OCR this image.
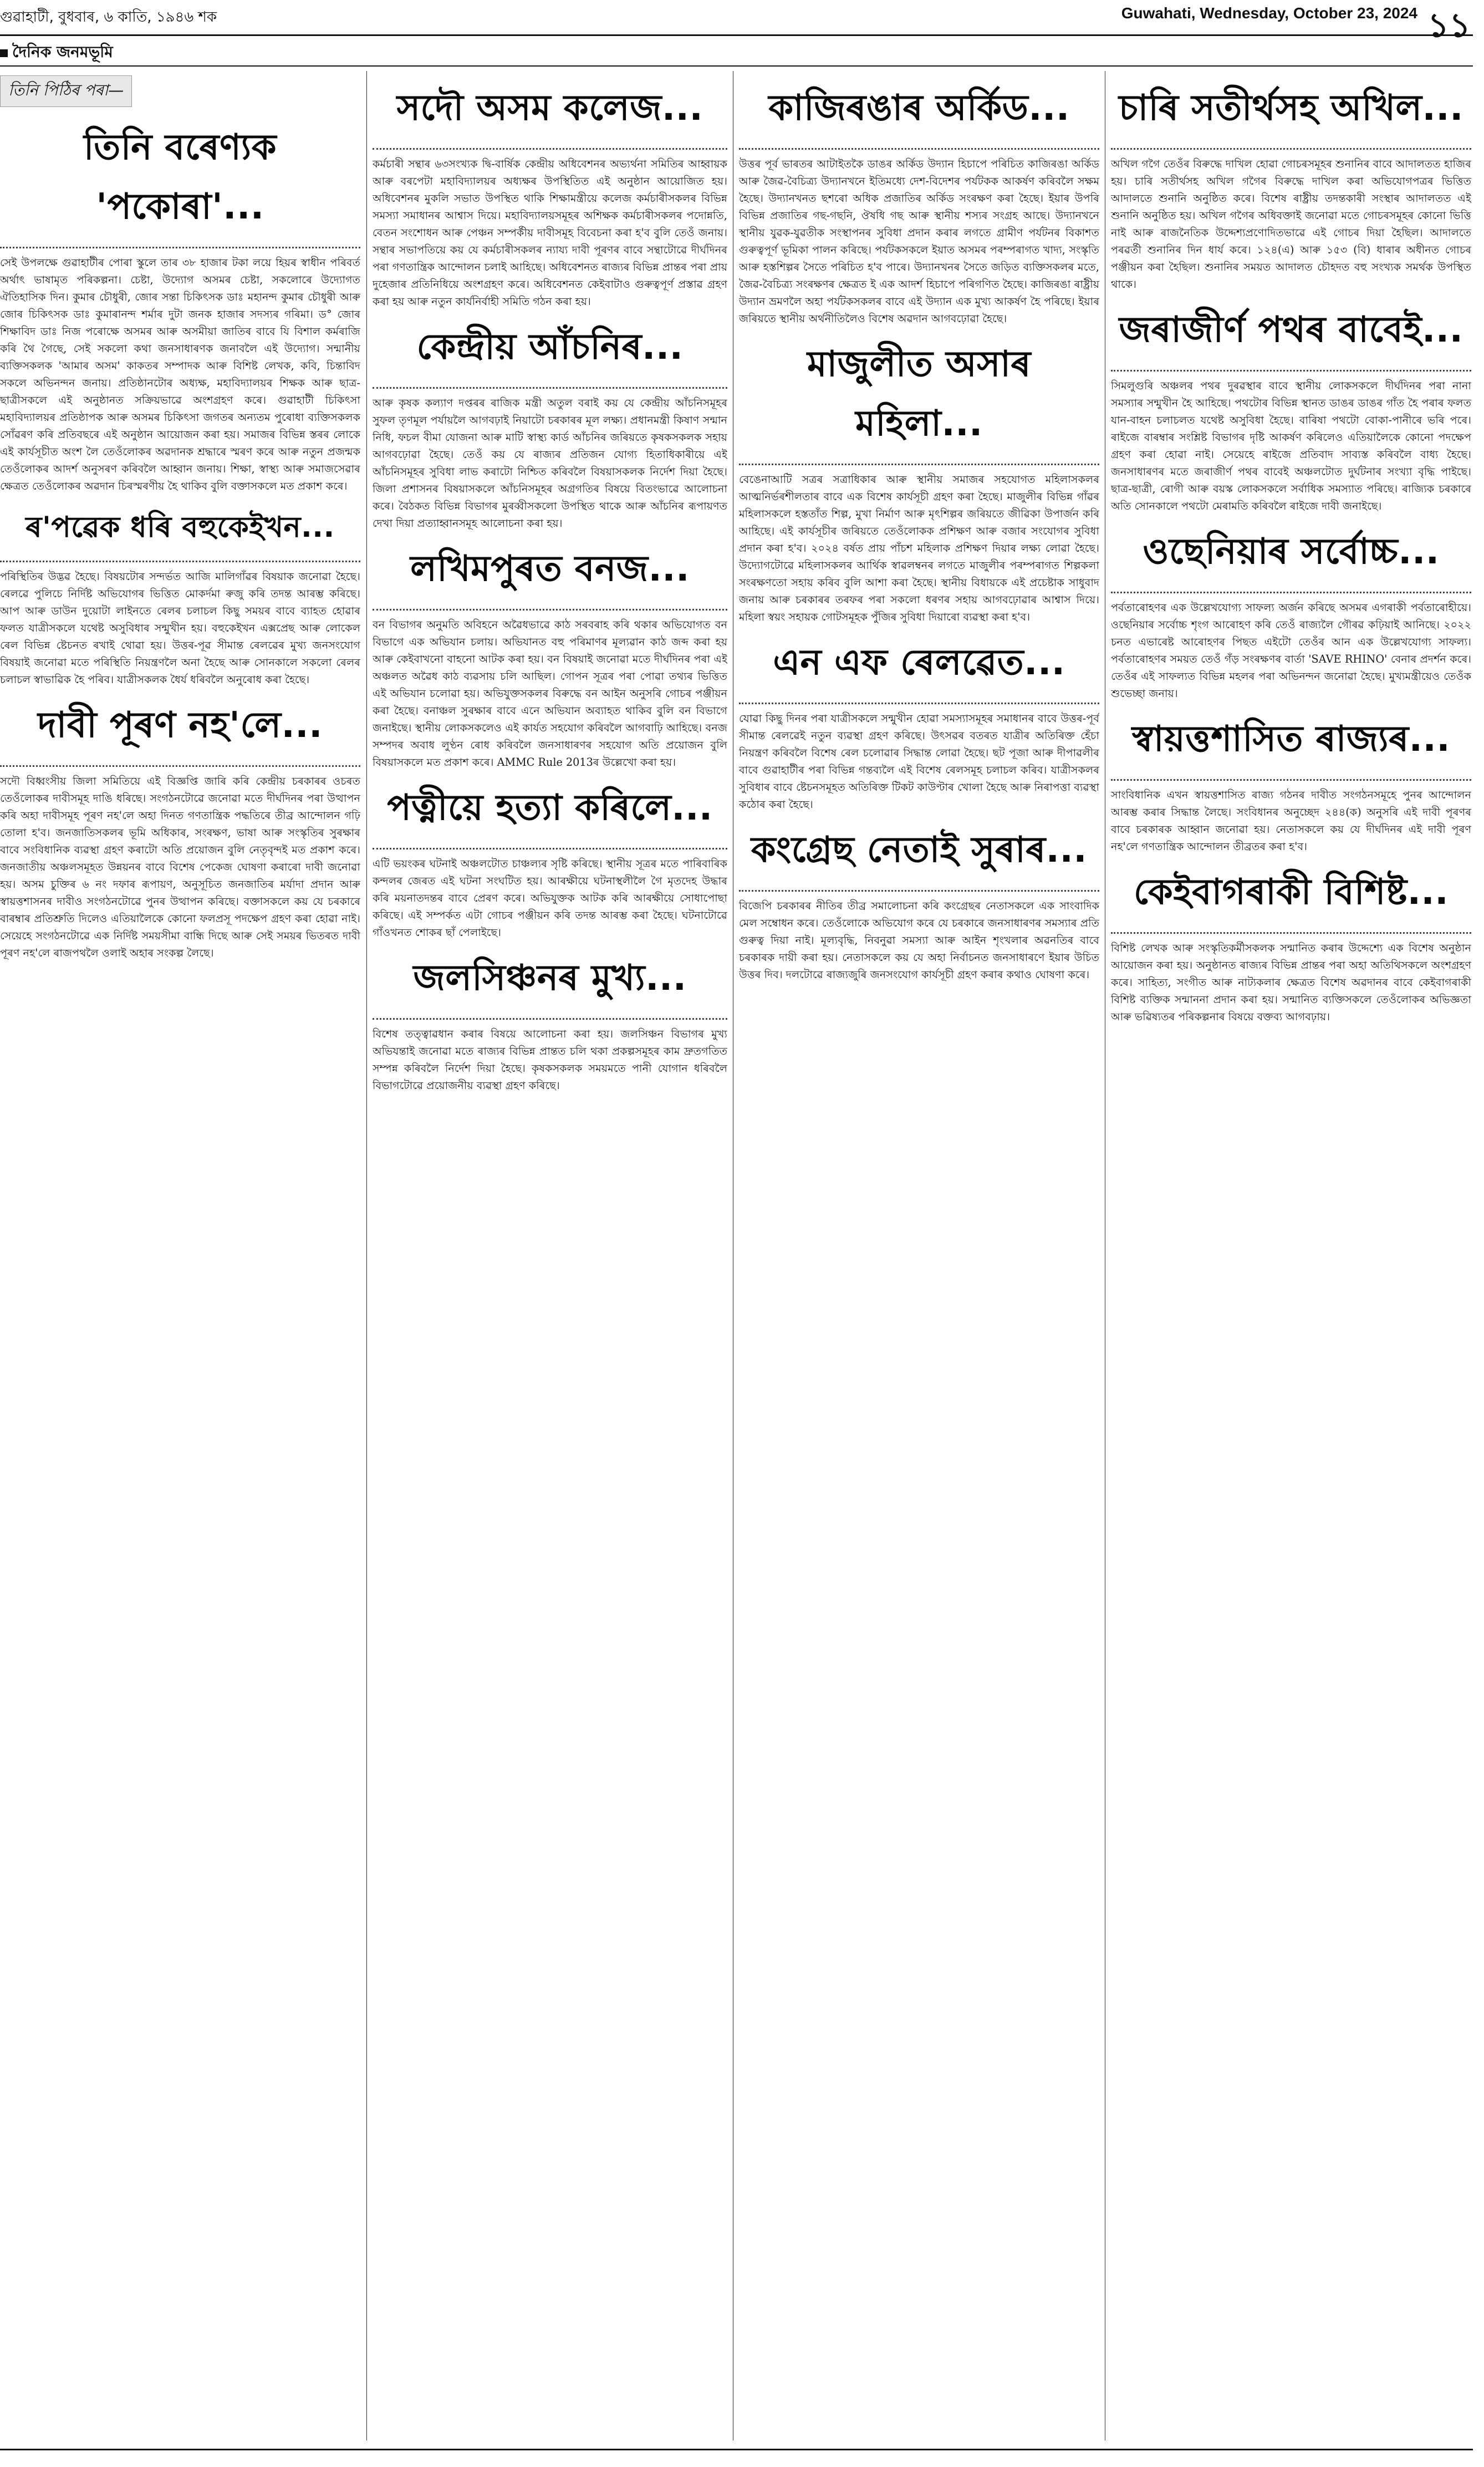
গুৱাহাটী, বুধবাৰ, ৬ কাতি, ১৯৪৬ শক	Guwahati, Wednesday, October 23, 2024 ১১
দৈনিক জনমভূমি
তিনি পিঠিৰ পৰা—
তিনি বৰেণ্যক 'পকোৰা'...
সেই উপলক্ষে গুৱাহাটীৰ পোৰা স্কুলে তাৰ ৩৮ হাজাৰ টকা লয়ে হিয়ৰ স্বাধীন পৰিবৰ্ত অৰ্থাৎ ভাষামৃত পৰিকল্পনা। চেষ্টা, উদ্যোগ অসমৰ চেষ্টা, সকলোৰে উদ্যোগত ঐতিহাসিক দিন। কুমাৰ চৌধুৰী, জোৰ সন্তা চিকিৎসক ডাঃ মহানন্দ কুমাৰ চৌধুৰী আৰু জোৰ চিকিৎসক ডাঃ কুমাৰানন্দ শৰ্মাৰ দুটা জনক হাজাৰ সদস্যৰ গৰিমা। ড° জোৰ শিক্ষাবিদ ডাঃ নিজ পৰোক্ষে অসমৰ আৰু অসমীয়া জাতিৰ বাবে যি বিশাল কৰ্মৰাজি কৰি থৈ গৈছে, সেই সকলো কথা জনসাধাৰণক জনাবলৈ এই উদ্যোগ। সন্মানীয় ব্যক্তিসকলক 'আমাৰ অসম' কাকতৰ সম্পাদক আৰু বিশিষ্ট লেখক, কবি, চিন্তাবিদ সকলে অভিনন্দন জনায়। প্ৰতিষ্ঠানটোৰ অধ্যক্ষ, মহাবিদ্যালয়ৰ শিক্ষক আৰু ছাত্ৰ-ছাত্ৰীসকলে এই অনুষ্ঠানত সক্ৰিয়ভাৱে অংশগ্ৰহণ কৰে। গুৱাহাটী চিকিৎসা মহাবিদ্যালয়ৰ প্ৰতিষ্ঠাপক আৰু অসমৰ চিকিৎসা জগতৰ অন্যতম পুৰোধা ব্যক্তিসকলক সোঁৱৰণ কৰি প্ৰতিবছৰে এই অনুষ্ঠান আয়োজন কৰা হয়। সমাজৰ বিভিন্ন স্তৰৰ লোকে এই কাৰ্যসূচীত অংশ লৈ তেওঁলোকৰ অৱদানক শ্ৰদ্ধাৰে স্মৰণ কৰে আৰু নতুন প্ৰজন্মক তেওঁলোকৰ আদৰ্শ অনুসৰণ কৰিবলৈ আহ্বান জনায়। শিক্ষা, স্বাস্থ্য আৰু সমাজসেৱাৰ ক্ষেত্ৰত তেওঁলোকৰ অৱদান চিৰস্মৰণীয় হৈ থাকিব বুলি বক্তাসকলে মত প্ৰকাশ কৰে।
ৰ'পৱেক ধৰি বহুকেইখন...
পৰিস্থিতিৰ উদ্ভৱ হৈছে। বিষয়টোৰ সন্দৰ্ভত আজি মালিগাঁৱৰ বিষয়াক জনোৱা হৈছে। ৰেলৱে পুলিচে নিৰ্দিষ্ট অভিযোগৰ ভিত্তিত মোকৰ্দমা ৰুজু কৰি তদন্ত আৰম্ভ কৰিছে। আপ আৰু ডাউন দুয়োটা লাইনতে ৰেলৰ চলাচল কিছু সময়ৰ বাবে ব্যাহত হোৱাৰ ফলত যাত্ৰীসকলে যথেষ্ট অসুবিধাৰ সন্মুখীন হয়। বহুকেইখন এক্সপ্ৰেছ আৰু লোকেল ৰেল বিভিন্ন ষ্টেচনত ৰখাই থোৱা হয়। উত্তৰ-পূৱ সীমান্ত ৰেলৱেৰ মুখ্য জনসংযোগ বিষয়াই জনোৱা মতে পৰিস্থিতি নিয়ন্ত্ৰণলৈ অনা হৈছে আৰু সোনকালে সকলো ৰেলৰ চলাচল স্বাভাৱিক হৈ পৰিব। যাত্ৰীসকলক ধৈৰ্য ধৰিবলৈ অনুৰোধ কৰা হৈছে।
দাবী পূৰণ নহ'লে...
সদৌ বিধ্বংসীয় জিলা সমিতিয়ে এই বিজ্ঞপ্তি জাৰি কৰি কেন্দ্ৰীয় চৰকাৰৰ ওচৰত তেওঁলোকৰ দাবীসমূহ দাঙি ধৰিছে। সংগঠনটোৱে জনোৱা মতে দীৰ্ঘদিনৰ পৰা উত্থাপন কৰি অহা দাবীসমূহ পূৰণ নহ'লে অহা দিনত গণতান্ত্ৰিক পদ্ধতিৰে তীব্ৰ আন্দোলন গঢ়ি তোলা হ'ব। জনজাতিসকলৰ ভূমি অধিকাৰ, সংৰক্ষণ, ভাষা আৰু সংস্কৃতিৰ সুৰক্ষাৰ বাবে সংবিধানিক ব্যৱস্থা গ্ৰহণ কৰাটো অতি প্ৰয়োজন বুলি নেতৃবৃন্দই মত প্ৰকাশ কৰে। জনজাতীয় অঞ্চলসমূহত উন্নয়নৰ বাবে বিশেষ পেকেজ ঘোষণা কৰাৰো দাবী জনোৱা হয়। অসম চুক্তিৰ ৬ নং দফাৰ ৰূপায়ণ, অনুসূচিত জনজাতিৰ মৰ্যাদা প্ৰদান আৰু স্বায়ত্তশাসনৰ দাবীও সংগঠনটোৱে পুনৰ উত্থাপন কৰিছে। বক্তাসকলে কয় যে চৰকাৰে বাৰম্বাৰ প্ৰতিশ্ৰুতি দিলেও এতিয়ালৈকে কোনো ফলপ্ৰসূ পদক্ষেপ গ্ৰহণ কৰা হোৱা নাই। সেয়েহে সংগঠনটোৱে এক নিৰ্দিষ্ট সময়সীমা বান্ধি দিছে আৰু সেই সময়ৰ ভিতৰত দাবী পূৰণ নহ'লে ৰাজপথলৈ ওলাই অহাৰ সংকল্প লৈছে।
সদৌ অসম কলেজ...
কৰ্মচাৰী সন্থাৰ ৬৩সংখ্যক দ্বি-বাৰ্ষিক কেন্দ্ৰীয় অধিবেশনৰ অভ্যৰ্থনা সমিতিৰ আহ্বায়ক আৰু বৰপেটা মহাবিদ্যালয়ৰ অধ্যক্ষৰ উপস্থিতিত এই অনুষ্ঠান আয়োজিত হয়। অধিবেশনৰ মুকলি সভাত উপস্থিত থাকি শিক্ষামন্ত্ৰীয়ে কলেজ কৰ্মচাৰীসকলৰ বিভিন্ন সমস্যা সমাধানৰ আশ্বাস দিয়ে। মহাবিদ্যালয়সমূহৰ অশিক্ষক কৰ্মচাৰীসকলৰ পদোন্নতি, বেতন সংশোধন আৰু পেঞ্চন সম্পৰ্কীয় দাবীসমূহ বিবেচনা কৰা হ'ব বুলি তেওঁ জনায়। সন্থাৰ সভাপতিয়ে কয় যে কৰ্মচাৰীসকলৰ ন্যায্য দাবী পূৰণৰ বাবে সন্থাটোৱে দীৰ্ঘদিনৰ পৰা গণতান্ত্ৰিক আন্দোলন চলাই আহিছে। অধিবেশনত ৰাজ্যৰ বিভিন্ন প্ৰান্তৰ পৰা প্ৰায় দুহেজাৰ প্ৰতিনিধিয়ে অংশগ্ৰহণ কৰে। অধিবেশনত কেইবাটাও গুৰুত্বপূৰ্ণ প্ৰস্তাৱ গ্ৰহণ কৰা হয় আৰু নতুন কাৰ্যনিৰ্বাহী সমিতি গঠন কৰা হয়।
কেন্দ্ৰীয় আঁচনিৰ...
আৰু কৃষক কল্যাণ দপ্তৰৰ ৰাজিক মন্ত্ৰী অতুল বৰাই কয় যে কেন্দ্ৰীয় আঁচনিসমূহৰ সুফল তৃণমূল পৰ্যায়লৈ আগবঢ়াই নিয়াটো চৰকাৰৰ মূল লক্ষ্য। প্ৰধানমন্ত্ৰী কিষাণ সন্মান নিধি, ফচল বীমা যোজনা আৰু মাটি স্বাস্থ্য কাৰ্ড আঁচনিৰ জৰিয়তে কৃষকসকলক সহায় আগবঢ়োৱা হৈছে। তেওঁ কয় যে ৰাজ্যৰ প্ৰতিজন যোগ্য হিতাধিকাৰীয়ে এই আঁচনিসমূহৰ সুবিধা লাভ কৰাটো নিশ্চিত কৰিবলৈ বিষয়াসকলক নিৰ্দেশ দিয়া হৈছে। জিলা প্ৰশাসনৰ বিষয়াসকলে আঁচনিসমূহৰ অগ্ৰগতিৰ বিষয়ে বিতংভাৱে আলোচনা কৰে। বৈঠকত বিভিন্ন বিভাগৰ মুৰব্বীসকলো উপস্থিত থাকে আৰু আঁচনিৰ ৰূপায়ণত দেখা দিয়া প্ৰত্যাহ্বানসমূহ আলোচনা কৰা হয়।
লখিমপুৰত বনজ...
বন বিভাগৰ অনুমতি অবিহনে অৱৈধভাৱে কাঠ সৰবৰাহ কৰি থকাৰ অভিযোগত বন বিভাগে এক অভিযান চলায়। অভিযানত বহু পৰিমাণৰ মূল্যৱান কাঠ জব্দ কৰা হয় আৰু কেইবাখনো বাহনো আটক কৰা হয়। বন বিষয়াই জনোৱা মতে দীৰ্ঘদিনৰ পৰা এই অঞ্চলত অৱৈধ কাঠ ব্যৱসায় চলি আছিল। গোপন সূত্ৰৰ পৰা পোৱা তথ্যৰ ভিত্তিত এই অভিযান চলোৱা হয়। অভিযুক্তসকলৰ বিৰুদ্ধে বন আইন অনুসৰি গোচৰ পঞ্জীয়ন কৰা হৈছে। বনাঞ্চল সুৰক্ষাৰ বাবে এনে অভিযান অব্যাহত থাকিব বুলি বন বিভাগে জনাইছে। স্থানীয় লোকসকলেও এই কাৰ্যত সহযোগ কৰিবলৈ আগবাঢ়ি আহিছে। বনজ সম্পদৰ অবাধ লুণ্ঠন ৰোধ কৰিবলৈ জনসাধাৰণৰ সহযোগ অতি প্ৰয়োজন বুলি বিষয়াসকলে মত প্ৰকাশ কৰে। AMMC Rule 2013ৰ উল্লেখো কৰা হয়।
পত্নীয়ে হত্যা কৰিলে...
এটি ভয়ংকৰ ঘটনাই অঞ্চলটোত চাঞ্চল্যৰ সৃষ্টি কৰিছে। স্থানীয় সূত্ৰৰ মতে পাৰিবাৰিক কন্দলৰ জেৰত এই ঘটনা সংঘটিত হয়। আৰক্ষীয়ে ঘটনাস্থলীলৈ গৈ মৃতদেহ উদ্ধাৰ কৰি ময়নাতদন্তৰ বাবে প্ৰেৰণ কৰে। অভিযুক্তক আটক কৰি আৰক্ষীয়ে সোধাপোছা কৰিছে। এই সম্পৰ্কত এটা গোচৰ পঞ্জীয়ন কৰি তদন্ত আৰম্ভ কৰা হৈছে। ঘটনাটোৱে গাঁওখনত শোকৰ ছাঁ পেলাইছে।
জলসিঞ্চনৰ মুখ্য...
বিশেষ তত্ত্বাৱধান কৰাৰ বিষয়ে আলোচনা কৰা হয়। জলসিঞ্চন বিভাগৰ মুখ্য অভিযন্তাই জনোৱা মতে ৰাজ্যৰ বিভিন্ন প্ৰান্তত চলি থকা প্ৰকল্পসমূহৰ কাম দ্ৰুতগতিত সম্পন্ন কৰিবলৈ নিৰ্দেশ দিয়া হৈছে। কৃষকসকলক সময়মতে পানী যোগান ধৰিবলৈ বিভাগটোৱে প্ৰয়োজনীয় ব্যৱস্থা গ্ৰহণ কৰিছে।
কাজিৰঙাৰ অৰ্কিড...
উত্তৰ পূৰ্ব ভাৰতৰ আটাইতকৈ ডাঙৰ অৰ্কিড উদ্যান হিচাপে পৰিচিত কাজিৰঙা অৰ্কিড আৰু জৈৱ-বৈচিত্ৰ্য উদ্যানখনে ইতিমধ্যে দেশ-বিদেশৰ পৰ্যটকক আকৰ্ষণ কৰিবলৈ সক্ষম হৈছে। উদ্যানখনত ছশৰো অধিক প্ৰজাতিৰ অৰ্কিড সংৰক্ষণ কৰা হৈছে। ইয়াৰ উপৰি বিভিন্ন প্ৰজাতিৰ গছ-গছনি, ঔষধি গছ আৰু স্থানীয় শস্যৰ সংগ্ৰহ আছে। উদ্যানখনে স্থানীয় যুৱক-যুৱতীক সংস্থাপনৰ সুবিধা প্ৰদান কৰাৰ লগতে গ্ৰামীণ পৰ্যটনৰ বিকাশত গুৰুত্বপূৰ্ণ ভূমিকা পালন কৰিছে। পৰ্যটকসকলে ইয়াত অসমৰ পৰম্পৰাগত খাদ্য, সংস্কৃতি আৰু হস্তশিল্পৰ সৈতে পৰিচিত হ'ব পাৰে। উদ্যানখনৰ সৈতে জড়িত ব্যক্তিসকলৰ মতে, জৈৱ-বৈচিত্ৰ্য সংৰক্ষণৰ ক্ষেত্ৰত ই এক আদৰ্শ হিচাপে পৰিগণিত হৈছে। কাজিৰঙা ৰাষ্ট্ৰীয় উদ্যান ভ্ৰমণলৈ অহা পৰ্যটকসকলৰ বাবে এই উদ্যান এক মুখ্য আকৰ্ষণ হৈ পৰিছে। ইয়াৰ জৰিয়তে স্থানীয় অৰ্থনীতিলৈও বিশেষ অৱদান আগবঢ়োৱা হৈছে।
মাজুলীত অসাৰ মহিলা...
বেঙেনাআটি সত্ৰৰ সত্ৰাধিকাৰ আৰু স্থানীয় সমাজৰ সহযোগত মহিলাসকলৰ আত্মনিৰ্ভৰশীলতাৰ বাবে এক বিশেষ কাৰ্যসূচী গ্ৰহণ কৰা হৈছে। মাজুলীৰ বিভিন্ন গাঁৱৰ মহিলাসকলে হস্ততাঁত শিল্প, মুখা নিৰ্মাণ আৰু মৃৎশিল্পৰ জৰিয়তে জীৱিকা উপাৰ্জন কৰি আহিছে। এই কাৰ্যসূচীৰ জৰিয়তে তেওঁলোকক প্ৰশিক্ষণ আৰু বজাৰ সংযোগৰ সুবিধা প্ৰদান কৰা হ'ব। ২০২৪ বৰ্ষত প্ৰায় পাঁচশ মহিলাক প্ৰশিক্ষণ দিয়াৰ লক্ষ্য লোৱা হৈছে। উদ্যোগটোৱে মহিলাসকলৰ আৰ্থিক স্বাৱলম্বনৰ লগতে মাজুলীৰ পৰম্পৰাগত শিল্পকলা সংৰক্ষণতো সহায় কৰিব বুলি আশা কৰা হৈছে। স্থানীয় বিধায়কে এই প্ৰচেষ্টাক সাধুবাদ জনায় আৰু চৰকাৰৰ তৰফৰ পৰা সকলো ধৰণৰ সহায় আগবঢ়োৱাৰ আশ্বাস দিয়ে। মহিলা স্বয়ং সহায়ক গোটসমূহক পুঁজিৰ সুবিধা দিয়াৰো ব্যৱস্থা কৰা হ'ব।
এন এফ ৰেলৱেত...
যোৱা কিছু দিনৰ পৰা যাত্ৰীসকলে সন্মুখীন হোৱা সমস্যাসমূহৰ সমাধানৰ বাবে উত্তৰ-পূৰ্ব সীমান্ত ৰেলৱেই নতুন ব্যৱস্থা গ্ৰহণ কৰিছে। উৎসৱৰ বতৰত যাত্ৰীৰ অতিৰিক্ত হেঁচা নিয়ন্ত্ৰণ কৰিবলৈ বিশেষ ৰেল চলোৱাৰ সিদ্ধান্ত লোৱা হৈছে। ছট পূজা আৰু দীপাৱলীৰ বাবে গুৱাহাটীৰ পৰা বিভিন্ন গন্তব্যলৈ এই বিশেষ ৰেলসমূহ চলাচল কৰিব। যাত্ৰীসকলৰ সুবিধাৰ বাবে ষ্টেচনসমূহত অতিৰিক্ত টিকট কাউণ্টাৰ খোলা হৈছে আৰু নিৰাপত্তা ব্যৱস্থা কঠোৰ কৰা হৈছে।
কংগ্ৰেছ নেতাই সুৰাৰ...
বিজেপি চৰকাৰৰ নীতিৰ তীব্ৰ সমালোচনা কৰি কংগ্ৰেছৰ নেতাসকলে এক সাংবাদিক মেল সম্বোধন কৰে। তেওঁলোকে অভিযোগ কৰে যে চৰকাৰে জনসাধাৰণৰ সমস্যাৰ প্ৰতি গুৰুত্ব দিয়া নাই। মূল্যবৃদ্ধি, নিবনুৱা সমস্যা আৰু আইন শৃংখলাৰ অৱনতিৰ বাবে চৰকাৰক দায়ী কৰা হয়। নেতাসকলে কয় যে অহা নিৰ্বাচনত জনসাধাৰণে ইয়াৰ উচিত উত্তৰ দিব। দলটোৱে ৰাজ্যজুৰি জনসংযোগ কাৰ্যসূচী গ্ৰহণ কৰাৰ কথাও ঘোষণা কৰে।
চাৰি সতীৰ্থসহ অখিল...
অখিল গগৈ তেওঁৰ বিৰুদ্ধে দাখিল হোৱা গোচৰসমূহৰ শুনানিৰ বাবে আদালতত হাজিৰ হয়। চাৰি সতীৰ্থসহ অখিল গগৈৰ বিৰুদ্ধে দাখিল কৰা অভিযোগপত্ৰৰ ভিত্তিত আদালতে শুনানি অনুষ্ঠিত কৰে। বিশেষ ৰাষ্ট্ৰীয় তদন্তকাৰী সংস্থাৰ আদালতত এই শুনানি অনুষ্ঠিত হয়। অখিল গগৈৰ অধিবক্তাই জনোৱা মতে গোচৰসমূহৰ কোনো ভিত্তি নাই আৰু ৰাজনৈতিক উদ্দেশ্যপ্ৰণোদিতভাৱে এই গোচৰ দিয়া হৈছিল। আদালতে পৰৱৰ্তী শুনানিৰ দিন ধাৰ্য কৰে। ১২৪(এ) আৰু ১৫৩ (বি) ধাৰাৰ অধীনত গোচৰ পঞ্জীয়ন কৰা হৈছিল। শুনানিৰ সময়ত আদালত চৌহদত বহু সংখ্যক সমৰ্থক উপস্থিত থাকে।
জৰাজীৰ্ণ পথৰ বাবেই...
সিমলুগুৰি অঞ্চলৰ পথৰ দুৰৱস্থাৰ বাবে স্থানীয় লোকসকলে দীৰ্ঘদিনৰ পৰা নানা সমস্যাৰ সন্মুখীন হৈ আহিছে। পথটোৰ বিভিন্ন স্থানত ডাঙৰ ডাঙৰ গাঁত হৈ পৰাৰ ফলত যান-বাহন চলাচলত যথেষ্ট অসুবিধা হৈছে। বাৰিষা পথটো বোকা-পানীৰে ভৰি পৰে। ৰাইজে বাৰম্বাৰ সংশ্লিষ্ট বিভাগৰ দৃষ্টি আকৰ্ষণ কৰিলেও এতিয়ালৈকে কোনো পদক্ষেপ গ্ৰহণ কৰা হোৱা নাই। সেয়েহে ৰাইজে প্ৰতিবাদ সাব্যস্ত কৰিবলৈ বাধ্য হৈছে। জনসাধাৰণৰ মতে জৰাজীৰ্ণ পথৰ বাবেই অঞ্চলটোত দুৰ্ঘটনাৰ সংখ্যা বৃদ্ধি পাইছে। ছাত্ৰ-ছাত্ৰী, ৰোগী আৰু বয়স্ক লোকসকলে সৰ্বাধিক সমস্যাত পৰিছে। ৰাজ্যিক চৰকাৰে অতি সোনকালে পথটো মেৰামতি কৰিবলৈ ৰাইজে দাবী জনাইছে।
ওছেনিয়াৰ সৰ্বোচ্চ...
পৰ্বতাৰোহণৰ এক উল্লেখযোগ্য সাফল্য অৰ্জন কৰিছে অসমৰ এগৰাকী পৰ্বতাৰোহীয়ে। ওছেনিয়াৰ সৰ্বোচ্চ শৃংগ আৰোহণ কৰি তেওঁ ৰাজ্যলৈ গৌৰৱ কঢ়িয়াই আনিছে। ২০২২ চনত এভাৰেষ্ট আৰোহণৰ পিছত এইটো তেওঁৰ আন এক উল্লেখযোগ্য সাফল্য। পৰ্বতাৰোহণৰ সময়ত তেওঁ গঁড় সংৰক্ষণৰ বাৰ্তা 'SAVE RHINO' বেনাৰ প্ৰদৰ্শন কৰে। তেওঁৰ এই সাফল্যত বিভিন্ন মহলৰ পৰা অভিনন্দন জনোৱা হৈছে। মুখ্যমন্ত্ৰীয়েও তেওঁক শুভেচ্ছা জনায়।
স্বায়ত্তশাসিত ৰাজ্যৰ...
সাংবিধানিক এখন স্বায়ত্তশাসিত ৰাজ্য গঠনৰ দাবীত সংগঠনসমূহে পুনৰ আন্দোলন আৰম্ভ কৰাৰ সিদ্ধান্ত লৈছে। সংবিধানৰ অনুচ্ছেদ ২৪৪(ক) অনুসৰি এই দাবী পূৰণৰ বাবে চৰকাৰক আহ্বান জনোৱা হয়। নেতাসকলে কয় যে দীৰ্ঘদিনৰ এই দাবী পূৰণ নহ'লে গণতান্ত্ৰিক আন্দোলন তীব্ৰতৰ কৰা হ'ব।
কেইবাগৰাকী বিশিষ্ট...
বিশিষ্ট লেখক আৰু সংস্কৃতিকৰ্মীসকলক সন্মানিত কৰাৰ উদ্দেশ্যে এক বিশেষ অনুষ্ঠান আয়োজন কৰা হয়। অনুষ্ঠানত ৰাজ্যৰ বিভিন্ন প্ৰান্তৰ পৰা অহা অতিথিসকলে অংশগ্ৰহণ কৰে। সাহিত্য, সংগীত আৰু নাট্যকলাৰ ক্ষেত্ৰত বিশেষ অৱদানৰ বাবে কেইবাগৰাকী বিশিষ্ট ব্যক্তিক সন্মাননা প্ৰদান কৰা হয়। সন্মানিত ব্যক্তিসকলে তেওঁলোকৰ অভিজ্ঞতা আৰু ভৱিষ্যতৰ পৰিকল্পনাৰ বিষয়ে বক্তব্য আগবঢ়ায়।
